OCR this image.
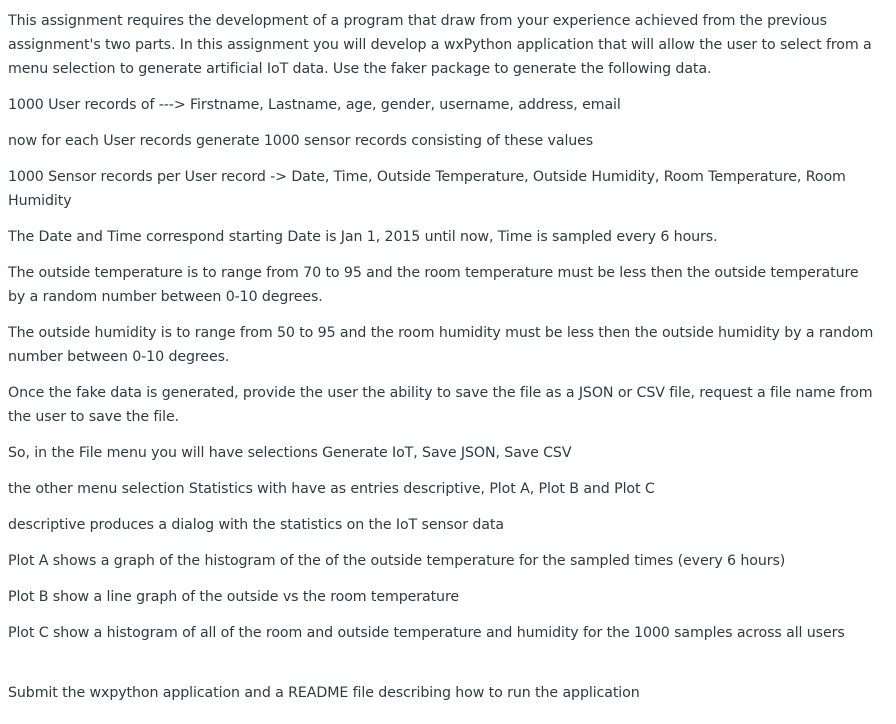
This assignment requires the development of a program that draw from your experience achieved from the previous assignment's two parts. In this assignment you will develop a wxPython application that will allow the user to select from a menu selection to generate artificial IoT data. Use the faker package to generate the following data.

1000 User records of ---> Firstname, Lastname, age, gender, username, address, email

now for each User records generate 1000 sensor records consisting of these values

1000 Sensor records per User record -> Date, Time, Outside Temperature, Outside Humidity, Room Temperature, Room Humidity

The Date and Time correspond starting Date is Jan 1, 2015 until now, Time is sampled every 6 hours.

The outside temperature is to range from 70 to 95 and the room temperature must be less then the outside temperature by a random number between 0-10 degrees.

The outside humidity is to range from 50 to 95 and the room humidity must be less then the outside humidity by a random number between 0-10 degrees.

Once the fake data is generated, provide the user the ability to save the file as a JSON or CSV file, request a file name from the user to save the file.

So, in the File menu you will have selections Generate IoT, Save JSON, Save CSV

the other menu selection Statistics with have as entries descriptive, Plot A, Plot B and Plot C

descriptive produces a dialog with the statistics on the IoT sensor data

Plot A shows a graph of the histogram of the of the outside temperature for the sampled times (every 6 hours)

Plot B show a line graph of the outside vs the room temperature

Plot C show a histogram of all of the room and outside temperature and humidity for the 1000 samples across all users

Submit the wxpython application and a README file describing how to run the application
